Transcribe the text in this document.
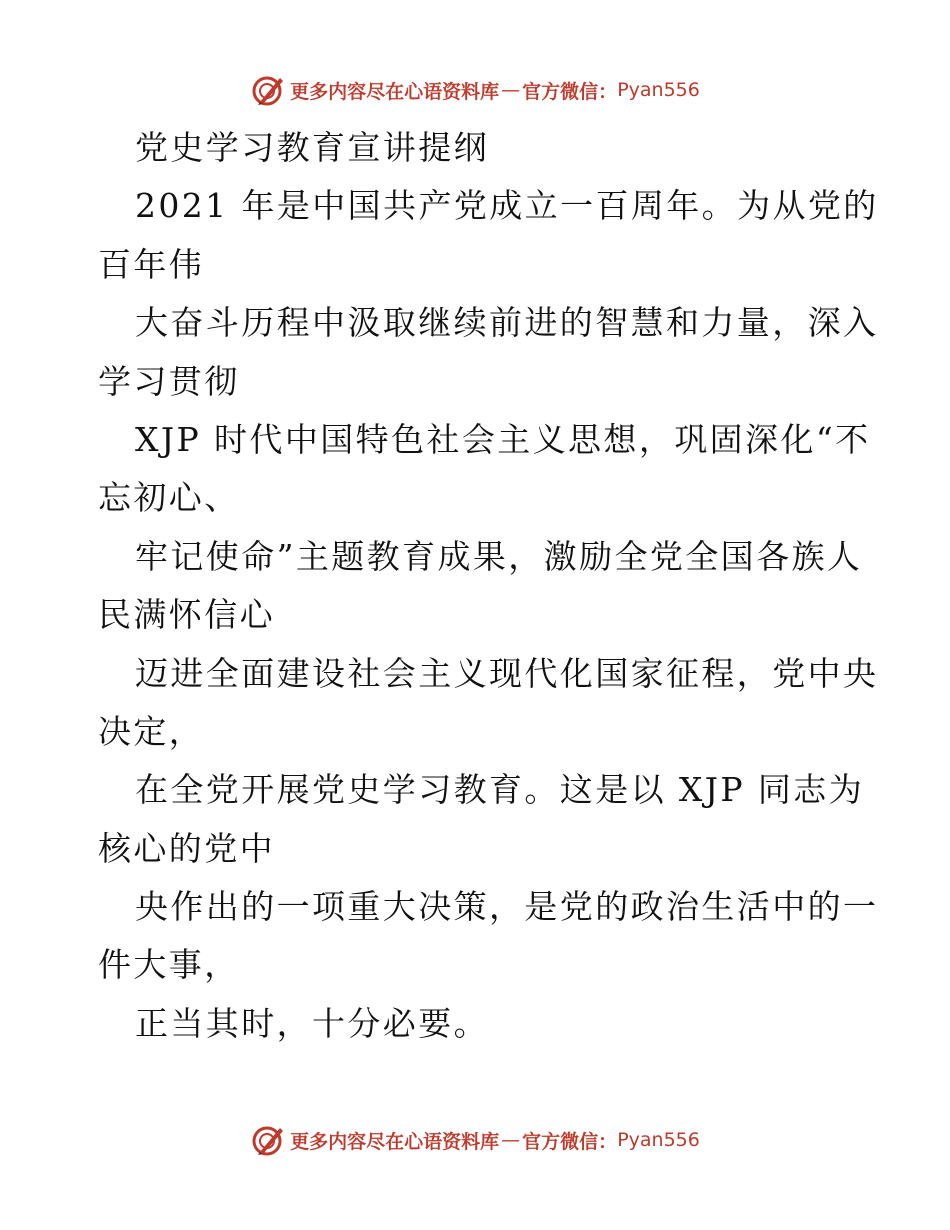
更多内容尽在心语资料库 — 官方微信： Pyan556
党史学习教育宣讲提纲
2021 年是中国共产党成立一百周年。为从党的
百年伟
大奋斗历程中汲取继续前进的智慧和力量，深入
学习贯彻
XJP 时代中国特色社会主义思想，巩固深化“不
忘初心、
牢记使命”主题教育成果，激励全党全国各族人
民满怀信心
迈进全面建设社会主义现代化国家征程，党中央
决定，
在全党开展党史学习教育。这是以 XJP 同志为
核心的党中
央作出的一项重大决策，是党的政治生活中的一
件大事，
正当其时，十分必要。
更多内容尽在心语资料库 — 官方微信： Pyan556
